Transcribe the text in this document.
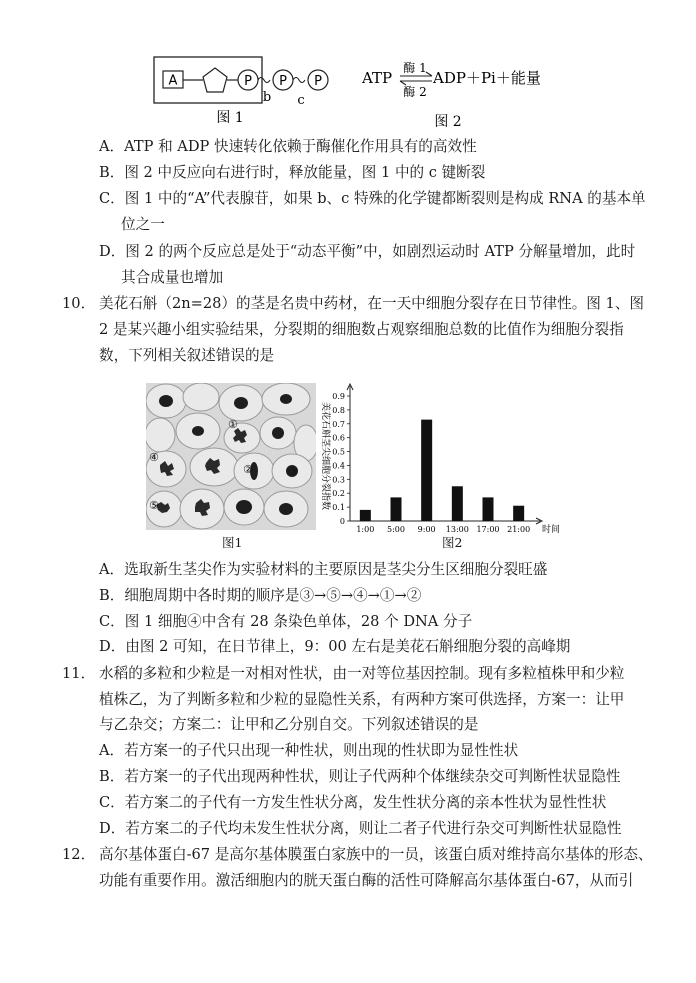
A	P P P
b c
图 1
ATP
酶 1
酶 2
ADP＋Pi＋能量
图 2
A．ATP 和 ADP 快速转化依赖于酶催化作用具有的高效性
B．图 2 中反应向右进行时，释放能量，图 1 中的 c 键断裂
C．图 1 中的“A”代表腺苷，如果 b、c 特殊的化学键都断裂则是构成 RNA 的基本单
位之一
D．图 2 的两个反应总是处于“动态平衡”中，如剧烈运动时 ATP 分解量增加，此时
其合成量也增加
10． 美花石斛（2n=28）的茎是名贵中药材，在一天中细胞分裂存在日节律性。图 1、图
2 是某兴趣小组实验结果，分裂期的细胞数占观察细胞总数的比值作为细胞分裂指
数，下列相关叙述错误的是
①
②	③
④
⑤
图1
美花石斛茎尖细胞分裂指数
0
0.1
0.2
0.3
0.4
0.5
0.6
0.7
0.8
0.9
1:00 5:00 9:00 13:00 17:00 21:00 时间
图2
A．选取新生茎尖作为实验材料的主要原因是茎尖分生区细胞分裂旺盛
B．细胞周期中各时期的顺序是③→⑤→④→①→②
C．图 1 细胞④中含有 28 条染色单体，28 个 DNA 分子
D．由图 2 可知，在日节律上，9：00 左右是美花石斛细胞分裂的高峰期
11． 水稻的多粒和少粒是一对相对性状，由一对等位基因控制。现有多粒植株甲和少粒
植株乙，为了判断多粒和少粒的显隐性关系，有两种方案可供选择，方案一：让甲
与乙杂交；方案二：让甲和乙分别自交。下列叙述错误的是
A．若方案一的子代只出现一种性状，则出现的性状即为显性性状
B．若方案一的子代出现两种性状，则让子代两种个体继续杂交可判断性状显隐性
C．若方案二的子代有一方发生性状分离，发生性状分离的亲本性状为显性性状
D．若方案二的子代均未发生性状分离，则让二者子代进行杂交可判断性状显隐性
12． 高尔基体蛋白-67 是高尔基体膜蛋白家族中的一员，该蛋白质对维持高尔基体的形态、
功能有重要作用。激活细胞内的胱天蛋白酶的活性可降解高尔基体蛋白-67，从而引
